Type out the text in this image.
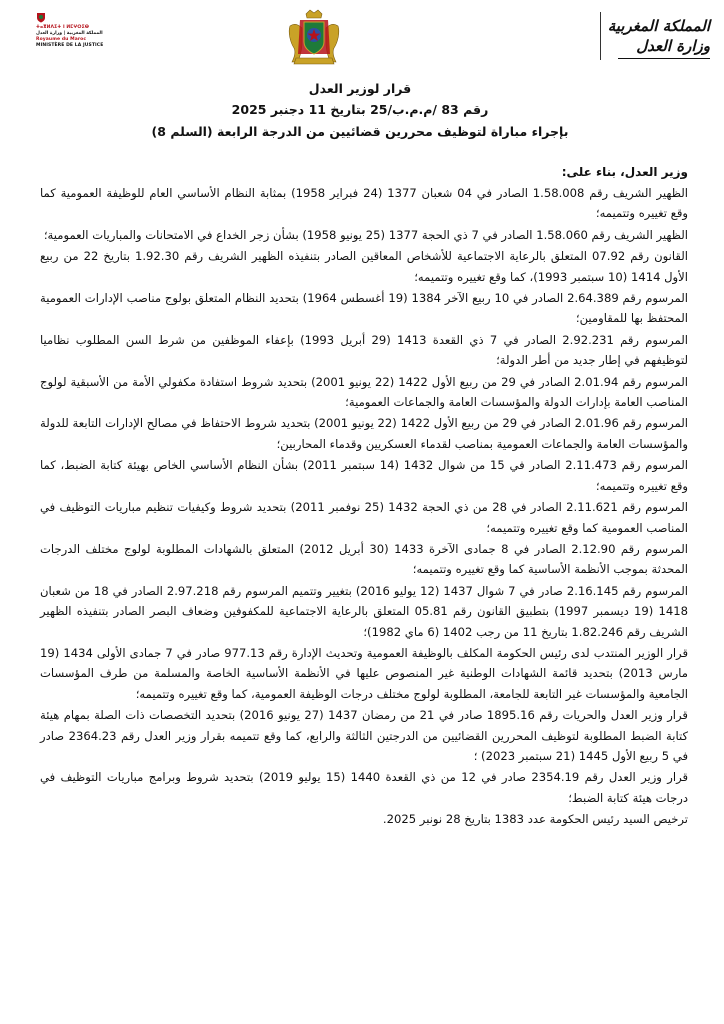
المملكة المغربية
وزارة العدل
ⵜⴰⴳⵍⴷⵉⵜ ⵏ ⵍⵎⵖⵔⵉⴱ
المملكة المغربية | وزارة العدل
Royaume du Maroc
MINISTÈRE DE LA JUSTICE
قرار لوزير العدل
رقم 83 /م.م.ب/25 بتاريخ 11 دجنبر 2025
بإجراء مباراة لتوظيف محررين قضائيين من الدرجة الرابعة (السلم 8)

وزير العدل، بناء على:

الظهير الشريف رقم 1.58.008 الصادر في 04 شعبان 1377 (24 فبراير 1958) بمثابة النظام الأساسي العام للوظيفة العمومية كما وقع تغييره وتتميمه؛

الظهير الشريف رقم 1.58.060 الصادر في 7 ذي الحجة 1377 (25 يونيو 1958) بشأن زجر الخداع في الامتحانات والمباريات العمومية؛

القانون رقم 07.92 المتعلق بالرعاية الاجتماعية للأشخاص المعاقين الصادر بتنفيذه الظهير الشريف رقم 1.92.30 بتاريخ 22 من ربيع الأول 1414 (10 سبتمبر 1993)، كما وقع تغييره وتتميمه؛

المرسوم رقم 2.64.389 الصادر في 10 ربيع الآخر 1384 (19 أغسطس 1964) بتحديد النظام المتعلق بولوج مناصب الإدارات العمومية المحتفظ بها للمقاومين؛

المرسوم رقم 2.92.231 الصادر في 7 ذي القعدة 1413 (29 أبريل 1993) بإعفاء الموظفين من شرط السن المطلوب نظاميا لتوظيفهم في إطار جديد من أطر الدولة؛

المرسوم رقم 2.01.94 الصادر في 29 من ربيع الأول 1422 (22 يونيو 2001) بتحديد شروط استفادة مكفولي الأمة من الأسبقية لولوج المناصب العامة بإدارات الدولة والمؤسسات العامة والجماعات العمومية؛

المرسوم رقم 2.01.96 الصادر في 29 من ربيع الأول 1422 (22 يونيو 2001) بتحديد شروط الاحتفاظ في مصالح الإدارات التابعة للدولة والمؤسسات العامة والجماعات العمومية بمناصب لقدماء العسكريين وقدماء المحاربين؛

المرسوم رقم 2.11.473 الصادر في 15 من شوال 1432 (14 سبتمبر 2011) بشأن النظام الأساسي الخاص بهيئة كتابة الضبط، كما وقع تغييره وتتميمه؛

المرسوم رقم 2.11.621 الصادر في 28 من ذي الحجة 1432 (25 نوفمبر 2011) بتحديد شروط وكيفيات تنظيم مباريات التوظيف في المناصب العمومية كما وقع تغييره وتتميمه؛

المرسوم رقم 2.12.90 الصادر في 8 جمادى الآخرة 1433 (30 أبريل 2012) المتعلق بالشهادات المطلوبة لولوج مختلف الدرجات المحدثة بموجب الأنظمة الأساسية كما وقع تغييره وتتميمه؛

المرسوم رقم 2.16.145 صادر في 7 شوال 1437 (12 يوليو 2016) بتغيير وتتميم المرسوم رقم 2.97.218 الصادر في 18 من شعبان 1418 (19 ديسمبر 1997) بتطبيق القانون رقم 05.81 المتعلق بالرعاية الاجتماعية للمكفوفين وضعاف البصر الصادر بتنفيذه الظهير الشريف رقم 1.82.246 بتاريخ 11 من رجب 1402 (6 ماي 1982)؛

قرار الوزير المنتدب لدى رئيس الحكومة المكلف بالوظيفة العمومية وتحديث الإدارة رقم 977.13 صادر في 7 جمادى الأولى 1434 (19 مارس 2013) بتحديد قائمة الشهادات الوطنية غير المنصوص عليها في الأنظمة الأساسية الخاصة والمسلمة من طرف المؤسسات الجامعية والمؤسسات غير التابعة للجامعة، المطلوبة لولوج مختلف درجات الوظيفة العمومية، كما وقع تغييره وتتميمه؛

قرار وزير العدل والحريات رقم 1895.16 صادر في 21 من رمضان 1437 (27 يونيو 2016) بتحديد التخصصات ذات الصلة بمهام هيئة كتابة الضبط المطلوبة لتوظيف المحررين القضائيين من الدرجتين الثالثة والرابع، كما وقع تتميمه بقرار وزير العدل رقم 2364.23 صادر في 5 ربيع الأول 1445 (21 سبتمبر 2023) ؛

قرار وزير العدل رقم 2354.19 صادر في 12 من ذي القعدة 1440 (15 يوليو 2019) بتحديد شروط وبرامج مباريات التوظيف في درجات هيئة كتابة الضبط؛

ترخيص السيد رئيس الحكومة عدد 1383 بتاريخ 28 نونبر 2025.
